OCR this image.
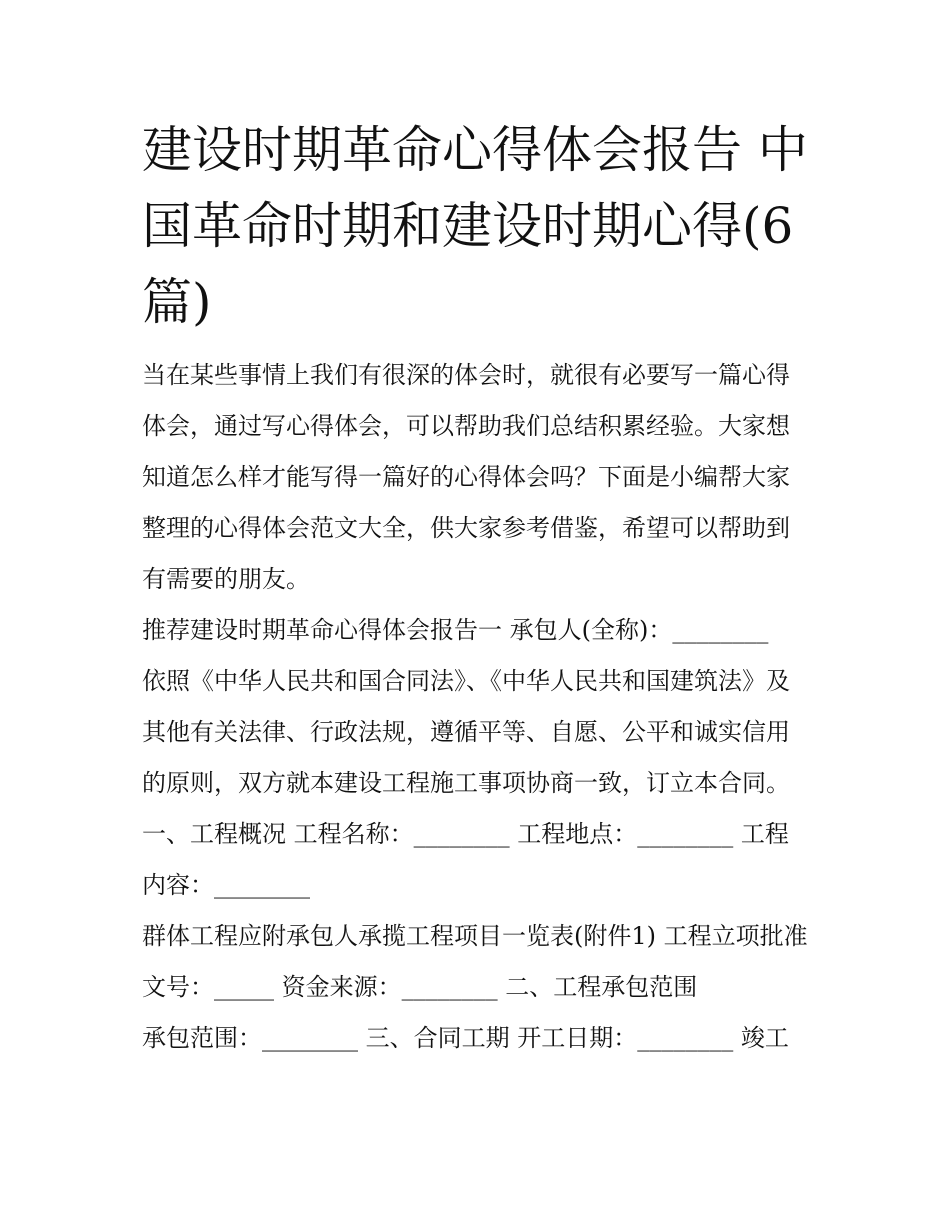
建设时期革命心得体会报告 中国革命时期和建设时期心得(6篇)

当在某些事情上我们有很深的体会时，就很有必要写一篇心得体会，通过写心得体会，可以帮助我们总结积累经验。大家想知道怎么样才能写得一篇好的心得体会吗？下面是小编帮大家整理的心得体会范文大全，供大家参考借鉴，希望可以帮助到有需要的朋友。

推荐建设时期革命心得体会报告一 承包人(全称)：________

依照《中华人民共和国合同法》、《中华人民共和国建筑法》及其他有关法律、行政法规，遵循平等、自愿、公平和诚实信用的原则，双方就本建设工程施工事项协商一致，订立本合同。

一、工程概况 工程名称：________ 工程地点：________ 工程内容：________

群体工程应附承包人承揽工程项目一览表(附件1) 工程立项批准文号：_____ 资金来源：________ 二、工程承包范围

承包范围：________ 三、合同工期 开工日期：________ 竣工
